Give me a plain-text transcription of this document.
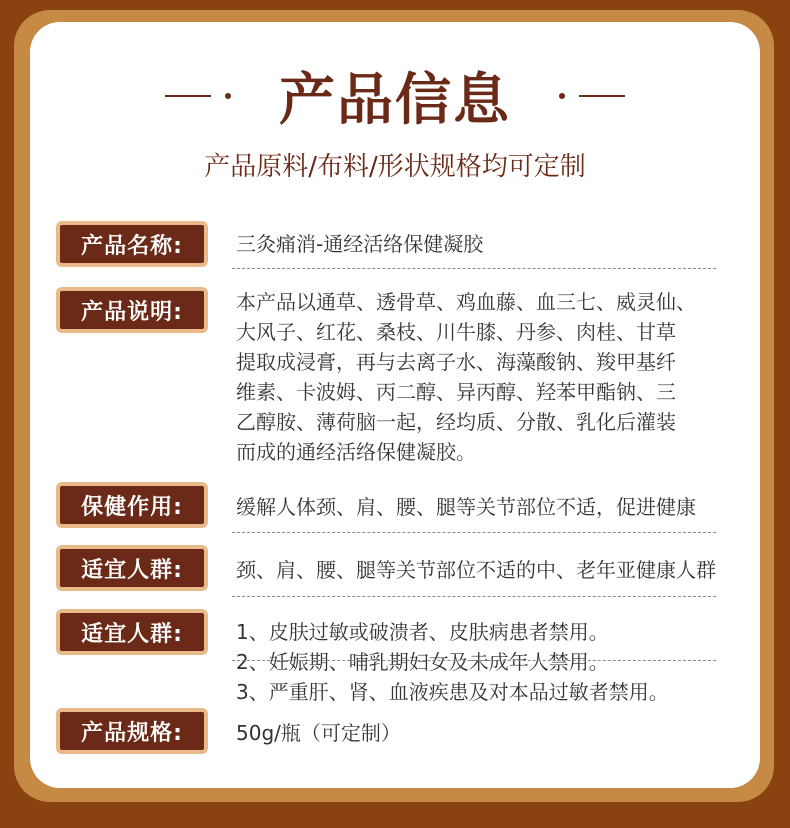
产品信息
产品原料/布料/形状规格均可定制
产品名称:	三灸痛消-通经活络保健凝胶

产品说明:	本产品以通草、透骨草、鸡血藤、血三七、威灵仙、
大风子、红花、桑枝、川牛膝、丹参、肉桂、甘草
提取成浸膏，再与去离子水、海藻酸钠、羧甲基纤
维素、卡波姆、丙二醇、异丙醇、羟苯甲酯钠、三
乙醇胺、薄荷脑一起，经均质、分散、乳化后灌装
而成的通经活络保健凝胶。
保健作用:	缓解人体颈、肩、腰、腿等关节部位不适，促进健康

适宜人群:	颈、肩、腰、腿等关节部位不适的中、老年亚健康人群

适宜人群:	1、皮肤过敏或破溃者、皮肤病患者禁用。
2、妊娠期、哺乳期妇女及未成年人禁用。
3、严重肝、肾、血液疾患及对本品过敏者禁用。
产品规格:	50g/瓶（可定制）
